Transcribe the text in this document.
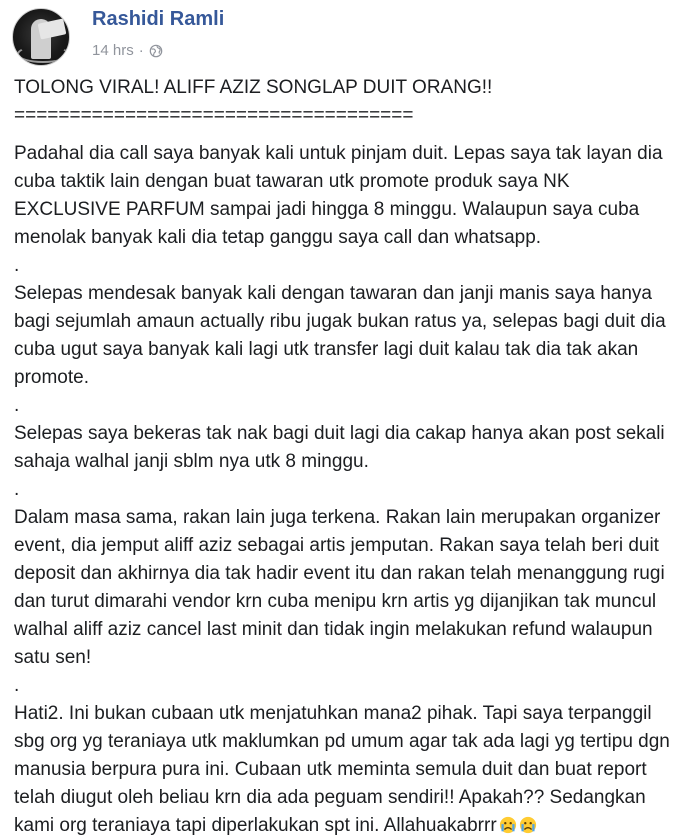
Rashidi Ramli
14 hrs ·

TOLONG VIRAL! ALIFF AZIZ SONGLAP DUIT ORANG!!

====================================

Padahal dia call saya banyak kali untuk pinjam duit. Lepas saya tak layan dia cuba taktik lain dengan buat tawaran utk promote produk saya NK EXCLUSIVE PARFUM sampai jadi hingga 8 minggu. Walaupun saya cuba menolak banyak kali dia tetap ganggu saya call dan whatsapp.

.

Selepas mendesak banyak kali dengan tawaran dan janji manis saya hanya bagi sejumlah amaun actually ribu jugak bukan ratus ya, selepas bagi duit dia cuba ugut saya banyak kali lagi utk transfer lagi duit kalau tak dia tak akan promote.

.

Selepas saya bekeras tak nak bagi duit lagi dia cakap hanya akan post sekali sahaja walhal janji sblm nya utk 8 minggu.

.

Dalam masa sama, rakan lain juga terkena. Rakan lain merupakan organizer event, dia jemput aliff aziz sebagai artis jemputan. Rakan saya telah beri duit deposit dan akhirnya dia tak hadir event itu dan rakan telah menanggung rugi dan turut dimarahi vendor krn cuba menipu krn artis yg dijanjikan tak muncul walhal aliff aziz cancel last minit dan tidak ingin melakukan refund walaupun satu sen!

.

Hati2. Ini bukan cubaan utk menjatuhkan mana2 pihak. Tapi saya terpanggil sbg org yg teraniaya utk maklumkan pd umum agar tak ada lagi yg tertipu dgn manusia berpura pura ini. Cubaan utk meminta semula duit dan buat report telah diugut oleh beliau krn dia ada peguam sendiri!! Apakah?? Sedangkan kami org teraniaya tapi diperlakukan spt ini. Allahuakabrrr
